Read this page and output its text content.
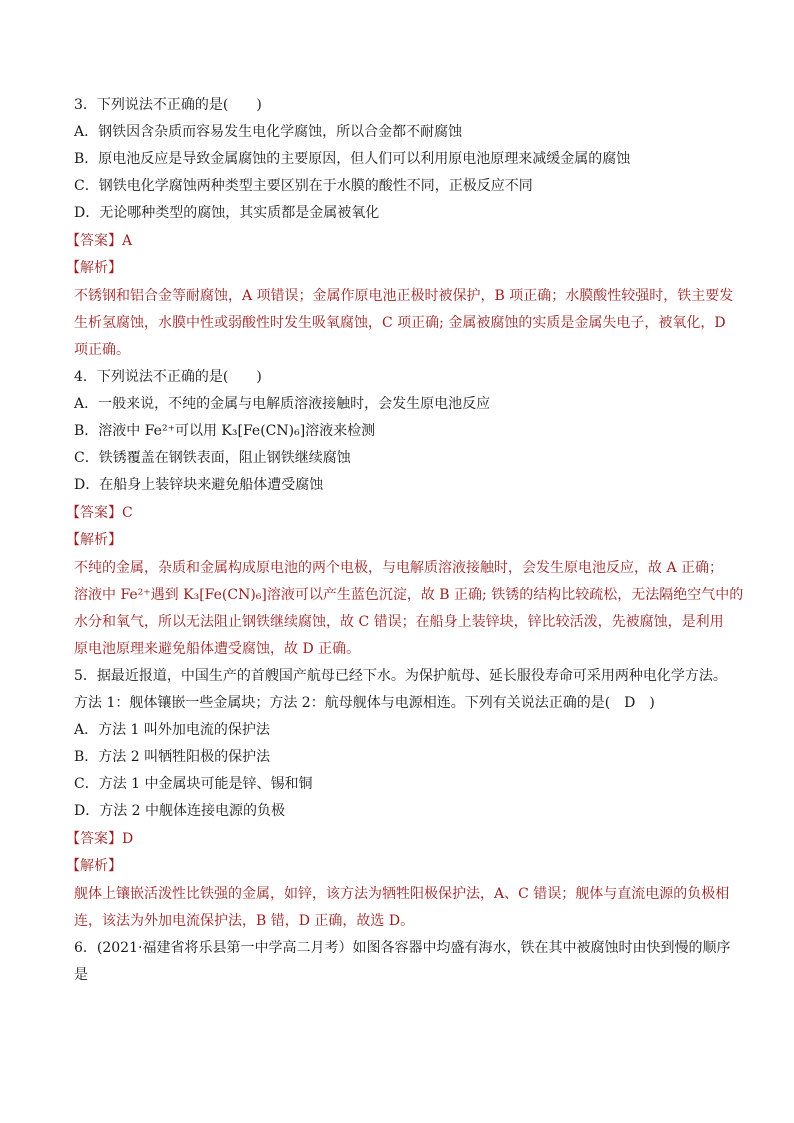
3．下列说法不正确的是(　　)
A．钢铁因含杂质而容易发生电化学腐蚀，所以合金都不耐腐蚀
B．原电池反应是导致金属腐蚀的主要原因，但人们可以利用原电池原理来减缓金属的腐蚀
C．钢铁电化学腐蚀两种类型主要区别在于水膜的酸性不同，正极反应不同
D．无论哪种类型的腐蚀，其实质都是金属被氧化
【答案】A
【解析】
不锈钢和铝合金等耐腐蚀，A 项错误；金属作原电池正极时被保护，B 项正确；水膜酸性较强时，铁主要发
生析氢腐蚀，水膜中性或弱酸性时发生吸氧腐蚀，C 项正确; 金属被腐蚀的实质是金属失电子，被氧化，D
项正确。
4．下列说法不正确的是(　　)
A．一般来说，不纯的金属与电解质溶液接触时，会发生原电池反应
B．溶液中 Fe²⁺可以用 K₃[Fe(CN)₆]溶液来检测
C．铁锈覆盖在钢铁表面，阻止钢铁继续腐蚀
D．在船身上装锌块来避免船体遭受腐蚀
【答案】C
【解析】
不纯的金属，杂质和金属构成原电池的两个电极，与电解质溶液接触时，会发生原电池反应，故 A 正确；
溶液中 Fe²⁺遇到 K₃[Fe(CN)₆]溶液可以产生蓝色沉淀，故 B 正确; 铁锈的结构比较疏松，无法隔绝空气中的
水分和氧气，所以无法阻止钢铁继续腐蚀，故 C 错误；在船身上装锌块，锌比较活泼，先被腐蚀，是利用
原电池原理来避免船体遭受腐蚀，故 D 正确。
5．据最近报道，中国生产的首艘国产航母已经下水。为保护航母、延长服役寿命可采用两种电化学方法。
方法 1：舰体镶嵌一些金属块；方法 2：航母舰体与电源相连。下列有关说法正确的是(　D　)
A．方法 1 叫外加电流的保护法
B．方法 2 叫牺牲阳极的保护法
C．方法 1 中金属块可能是锌、锡和铜
D．方法 2 中舰体连接电源的负极
【答案】D
【解析】
舰体上镶嵌活泼性比铁强的金属，如锌，该方法为牺牲阳极保护法，A、C 错误；舰体与直流电源的负极相
连，该法为外加电流保护法，B 错，D 正确，故选 D。
6．(2021·福建省将乐县第一中学高二月考）如图各容器中均盛有海水，铁在其中被腐蚀时由快到慢的顺序
是
